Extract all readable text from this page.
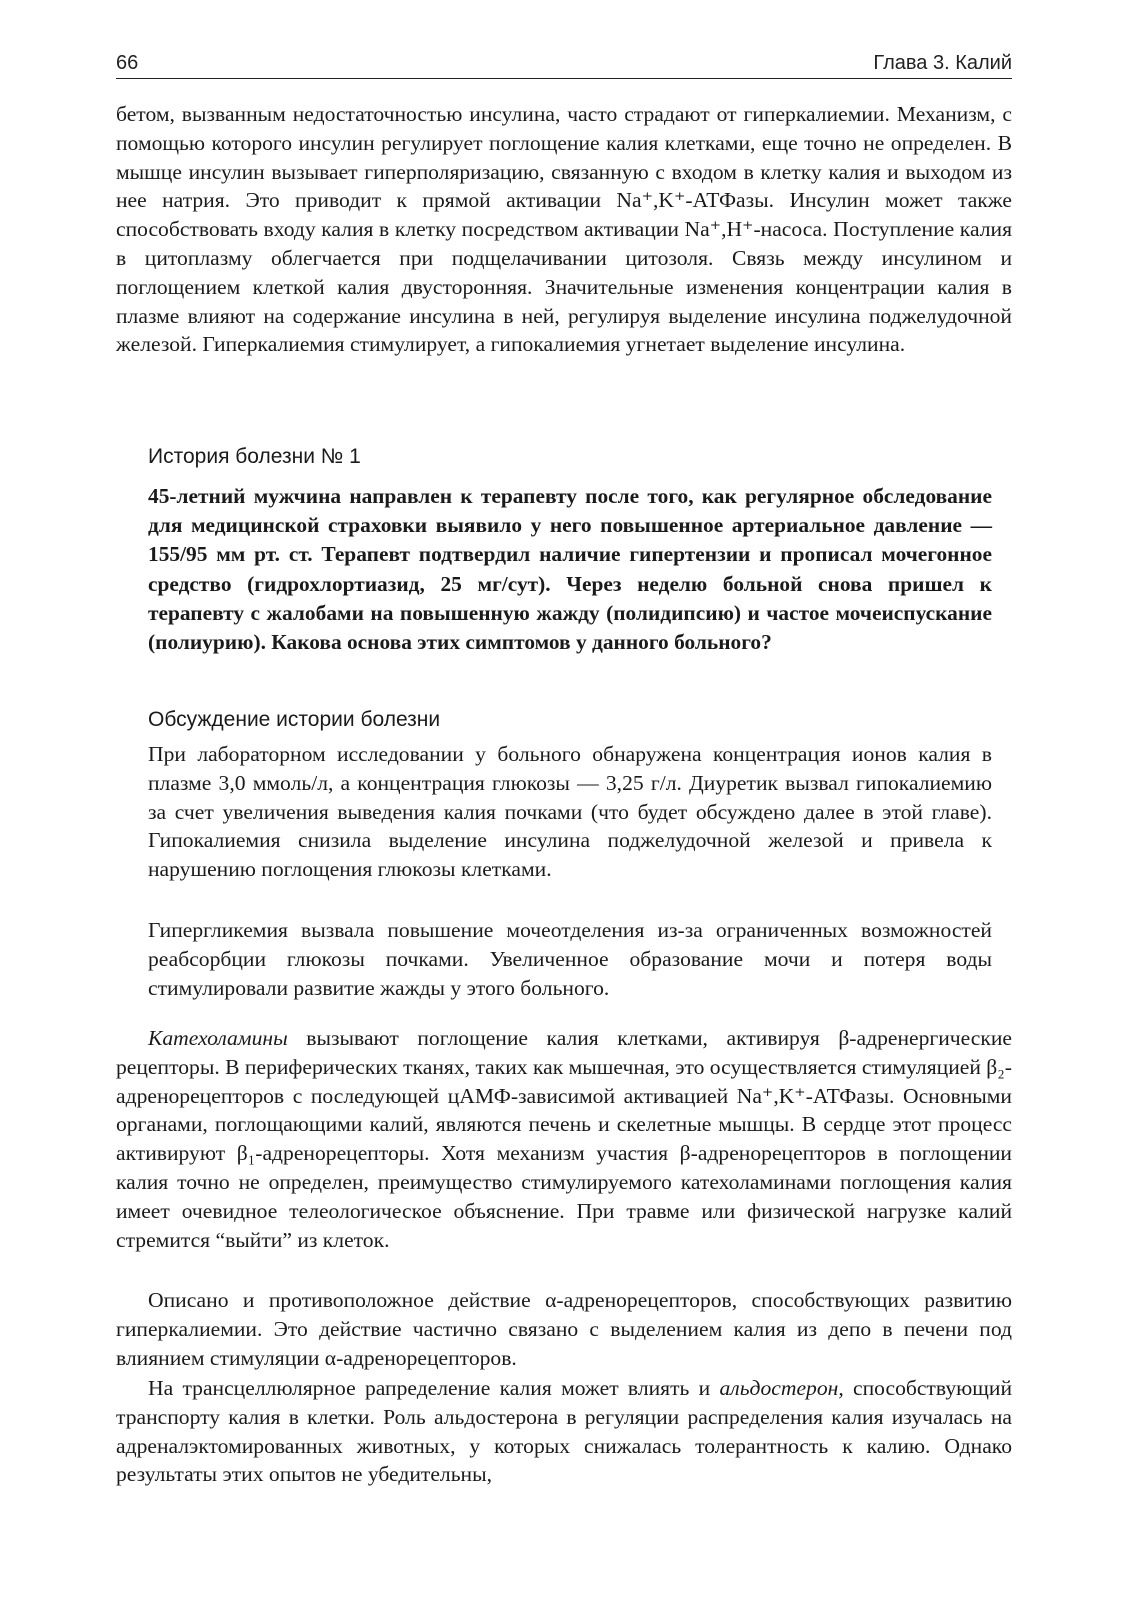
66	Глава 3. Калий

бетом, вызванным недостаточностью инсулина, часто страдают от гиперкалиемии. Механизм, с помощью которого инсулин регулирует поглощение калия клетками, еще точно не определен. В мышце инсулин вызывает гиперполяризацию, связанную с входом в клетку калия и выходом из нее натрия. Это приводит к прямой активации Na⁺,K⁺-АТФазы. Инсулин может также способствовать входу калия в клетку посредством активации Na⁺,H⁺-насоса. Поступление калия в цитоплазму облегчается при подщелачивании цитозоля. Связь между инсулином и поглощением клеткой калия двусторонняя. Значительные изменения концентрации калия в плазме влияют на содержание инсулина в ней, регулируя выделение инсулина поджелудочной железой. Гиперкалиемия стимулирует, а гипокалиемия угнетает выделение инсулина.

История болезни № 1

45-летний мужчина направлен к терапевту после того, как регулярное обследование для медицинской страховки выявило у него повышенное артериальное давление — 155/95 мм рт. ст. Терапевт подтвердил наличие гипертензии и прописал мочегонное средство (гидрохлортиазид, 25 мг/сут). Через неделю больной снова пришел к терапевту с жалобами на повышенную жажду (полидипсию) и частое мочеиспускание (полиурию). Какова основа этих симптомов у данного больного?

Обсуждение истории болезни

При лабораторном исследовании у больного обнаружена концентрация ионов калия в плазме 3,0 ммоль/л, а концентрация глюкозы — 3,25 г/л. Диуретик вызвал гипокалиемию за счет увеличения выведения калия почками (что будет обсуждено далее в этой главе). Гипокалиемия снизила выделение инсулина поджелудочной железой и привела к нарушению поглощения глюкозы клетками.

Гипергликемия вызвала повышение мочеотделения из-за ограниченных возможностей реабсорбции глюкозы почками. Увеличенное образование мочи и потеря воды стимулировали развитие жажды у этого больного.

Катехоламины вызывают поглощение калия клетками, активируя β-адренергические рецепторы. В периферических тканях, таких как мышечная, это осуществляется стимуляцией β₂-адренорецепторов с последующей цАМФ-зависимой активацией Na⁺,K⁺-АТФазы. Основными органами, поглощающими калий, являются печень и скелетные мышцы. В сердце этот процесс активируют β₁-адренорецепторы. Хотя механизм участия β-адренорецепторов в поглощении калия точно не определен, преимущество стимулируемого катехоламинами поглощения калия имеет очевидное телеологическое объяснение. При травме или физической нагрузке калий стремится “выйти” из клеток.

Описано и противоположное действие α-адренорецепторов, способствующих развитию гиперкалиемии. Это действие частично связано с выделением калия из депо в печени под влиянием стимуляции α-адренорецепторов.

На трансцеллюлярное рапределение калия может влиять и альдостерон, способствующий транспорту калия в клетки. Роль альдостерона в регуляции распределения калия изучалась на адреналэктомированных животных, у которых снижалась толерантность к калию. Однако результаты этих опытов не убедительны,
